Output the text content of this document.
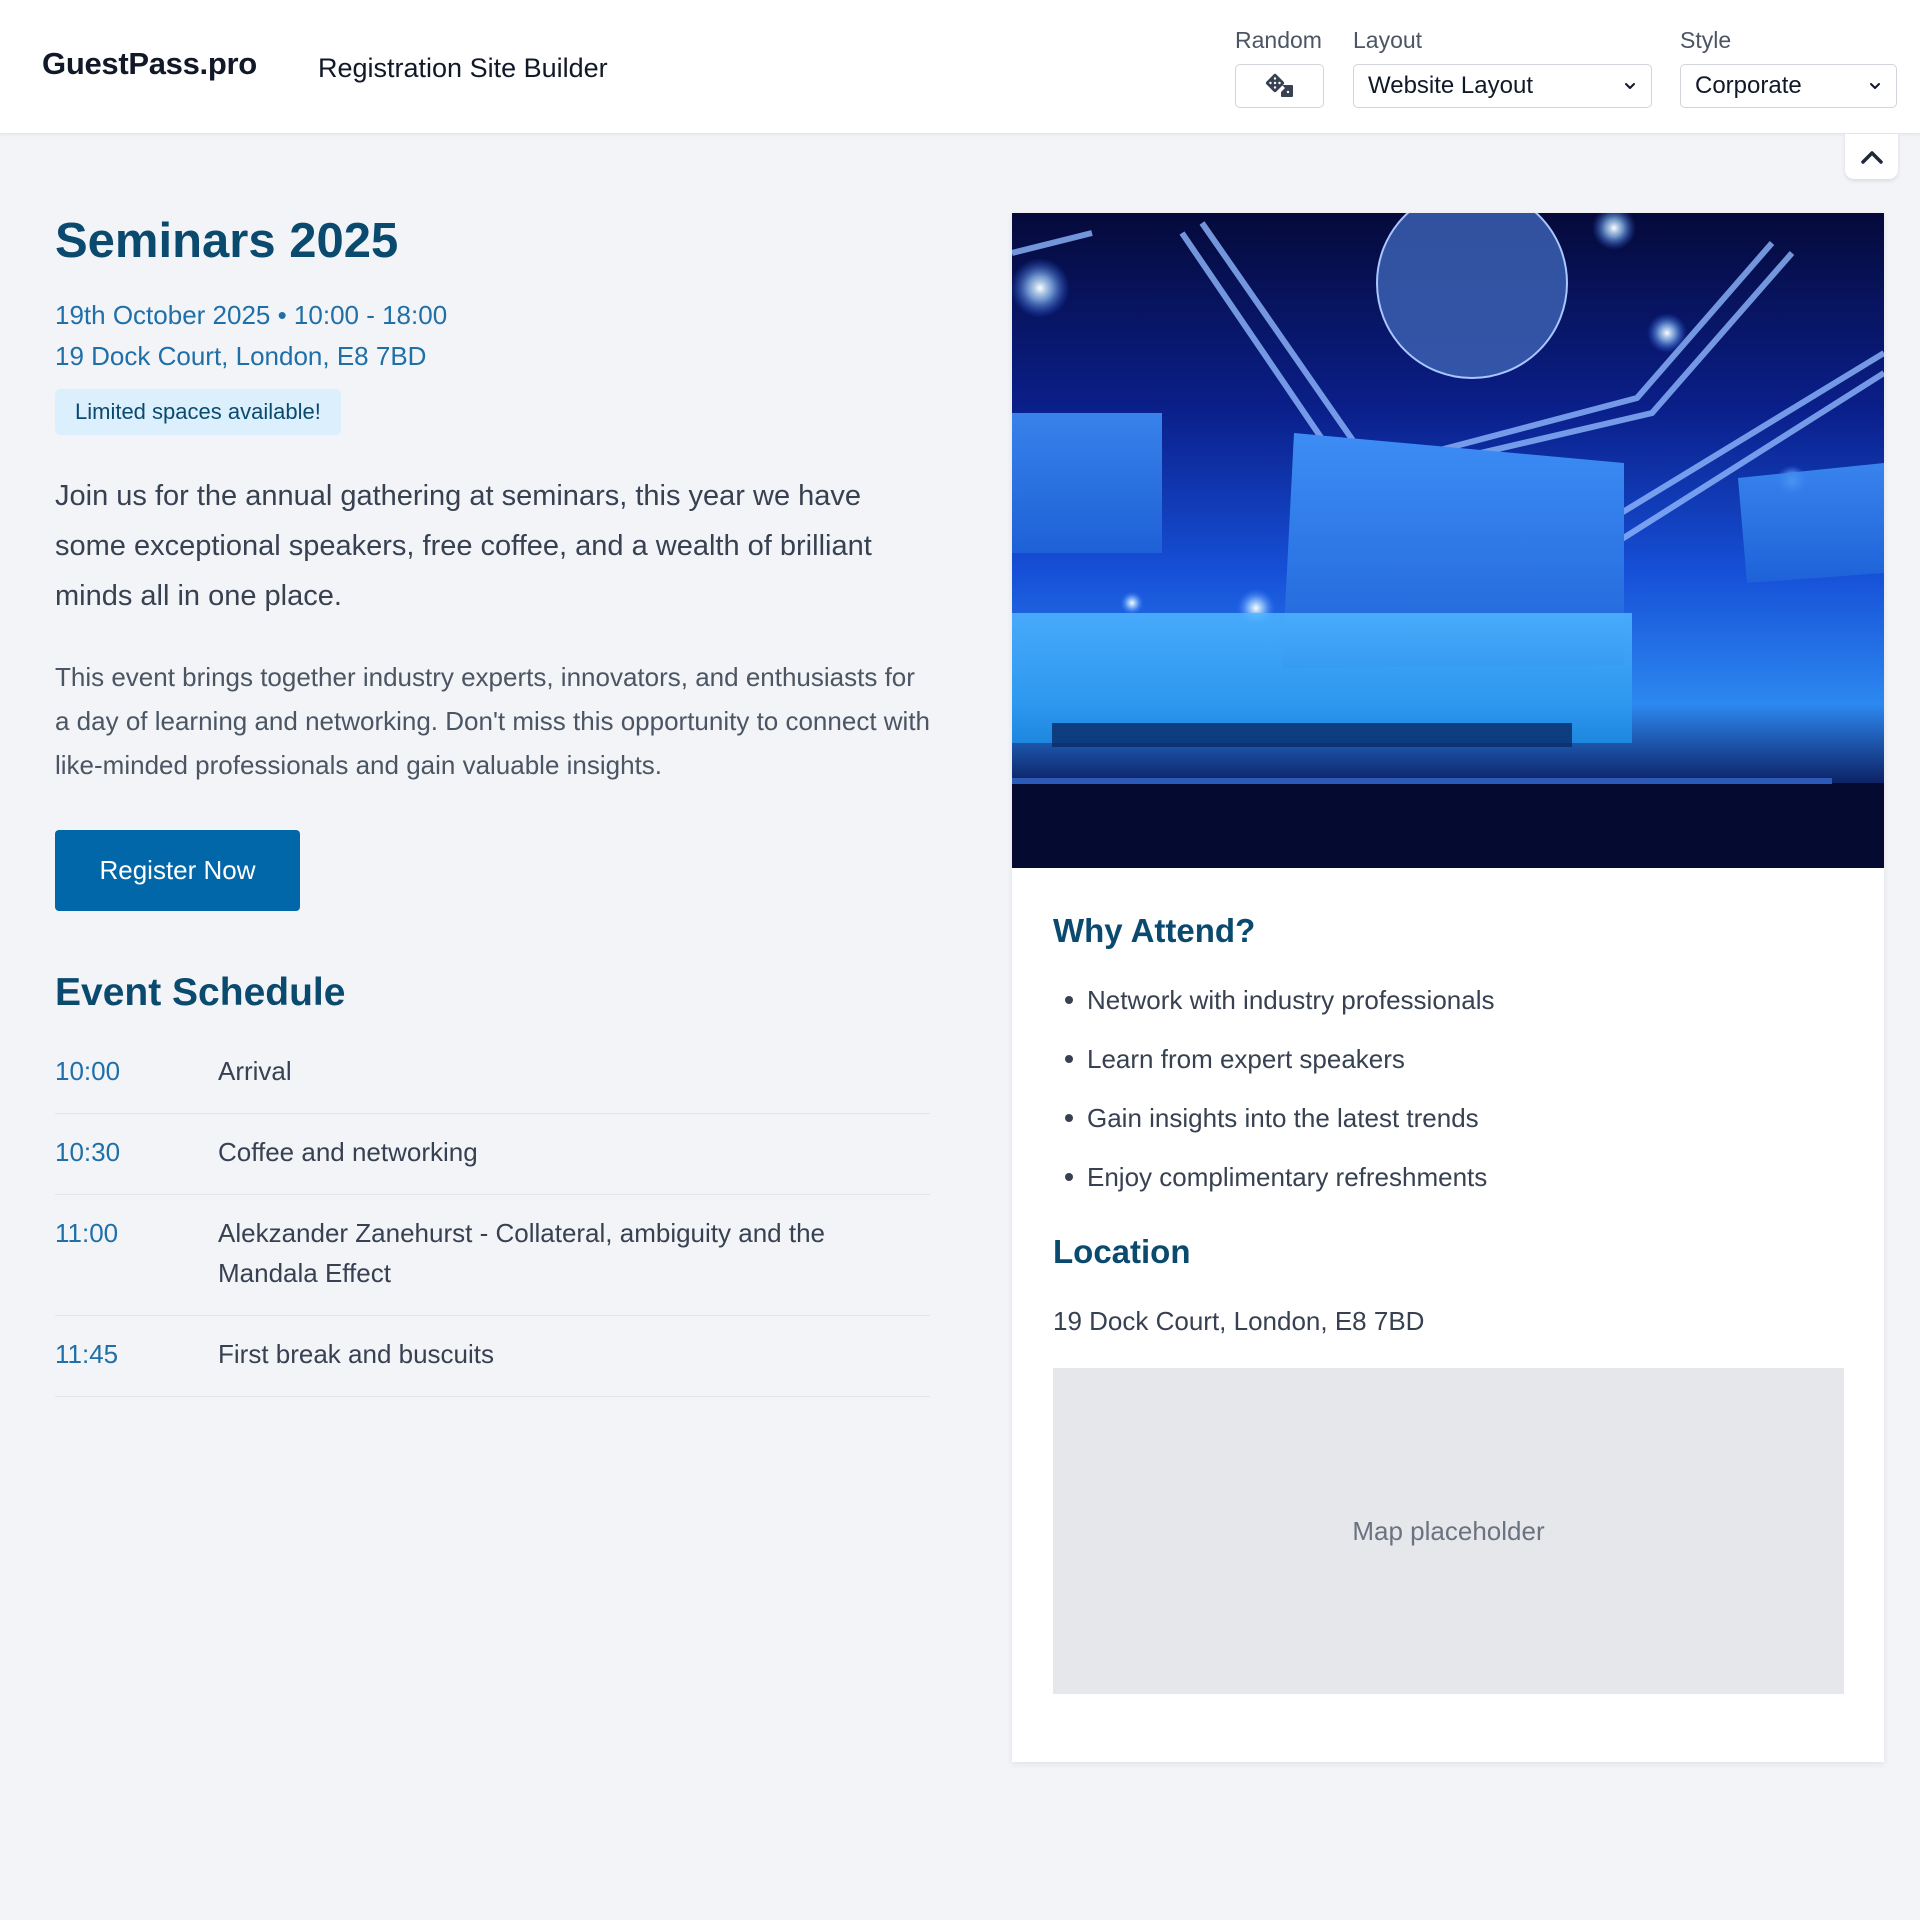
GuestPass.pro Registration Site Builder
Random Layout
Website Layout
Style
Corporate
Seminars 2025
19th October 2025 • 10:00 - 18:00
19 Dock Court, London, E8 7BD
Limited spaces available!

Join us for the annual gathering at seminars, this year we have some exceptional speakers, free coffee, and a wealth of brilliant minds all in one place.

This event brings together industry experts, innovators, and enthusiasts for a day of learning and networking. Don't miss this opportunity to connect with like-minded professionals and gain valuable insights.

Register Now
Event Schedule
10:00	Arrival
10:30	Coffee and networking
11:00	Alekzander Zanehurst - Collateral, ambiguity and the Mandala Effect
11:45	First break and buscuits
Why Attend?
Network with industry professionals
Learn from expert speakers
Gain insights into the latest trends
Enjoy complimentary refreshments
Location
19 Dock Court, London, E8 7BD
Map placeholder
